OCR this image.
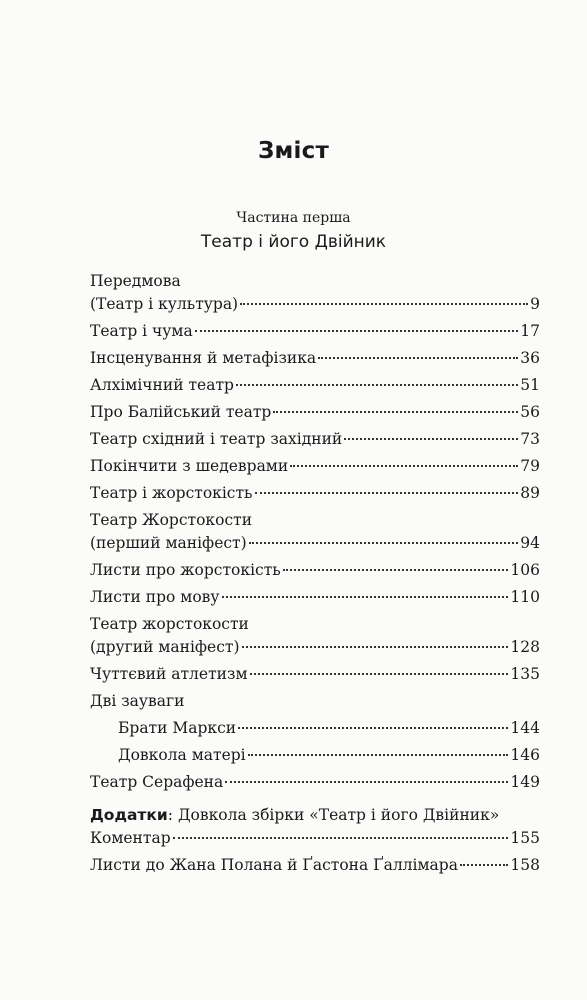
Зміст
Частина перша
Театр і його Двійник
Передмова
(Театр і культура)	9
Театр і чума	17
Інсценування й метафізика	36
Алхімічний театр	51
Про Балійський театр	56
Театр східний і театр західний	73
Покінчити з шедеврами	79
Театр і жорстокість	89
Театр Жорстокости
(перший маніфест)	94
Листи про жорстокість	106
Листи про мову	110
Театр жорстокости
(другий маніфест)	128
Чуттєвий атлетизм	135
Дві зауваги
Брати Маркси	144
Довкола матері	146
Театр Серафена	149
Додатки: Довкола збірки «Театр і його Двійник»
Коментар	155
Листи до Жана Полана й Ґастона Ґаллімара	158
